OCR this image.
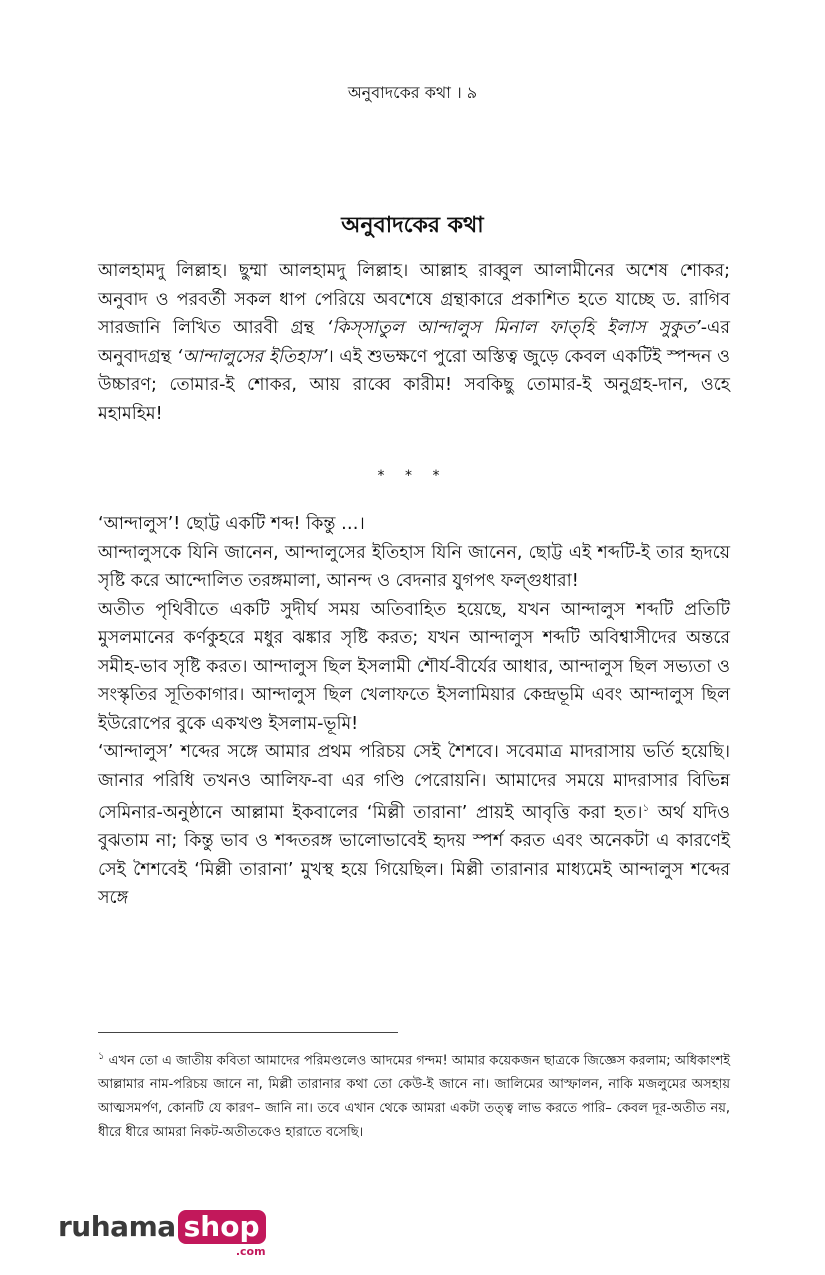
অনুবাদকের কথা । ৯
অনুবাদকের কথা

আলহামদু লিল্লাহ। ছুম্মা আলহামদু লিল্লাহ। আল্লাহ রাব্বুল আলামীনের অশেষ শোকর; অনুবাদ ও পরবর্তী সকল ধাপ পেরিয়ে অবশেষে গ্রন্থাকারে প্রকাশিত হতে যাচ্ছে ড. রাগিব সারজানি লিখিত আরবী গ্রন্থ ‘কিস্‌সাতুল আন্দালুস মিনাল ফাত্‌হি ইলাস সুকুত’-এর অনুবাদগ্রন্থ ‘আন্দালুসের ইতিহাস’। এই শুভক্ষণে পুরো অস্তিত্ব জুড়ে কেবল একটিই স্পন্দন ও উচ্চারণ; তোমার-ই শোকর, আয় রাব্বে কারীম! সবকিছু তোমার-ই অনুগ্রহ-দান, ওহে মহামহিম!

* * *

‘আন্দালুস’! ছোট্ট একটি শব্দ! কিন্তু …।

আন্দালুসকে যিনি জানেন, আন্দালুসের ইতিহাস যিনি জানেন, ছোট্ট এই শব্দটি-ই তার হৃদয়ে সৃষ্টি করে আন্দোলিত তরঙ্গমালা, আনন্দ ও বেদনার যুগপৎ ফল্গুধারা!

অতীত পৃথিবীতে একটি সুদীর্ঘ সময় অতিবাহিত হয়েছে, যখন আন্দালুস শব্দটি প্রতিটি মুসলমানের কর্ণকুহরে মধুর ঝঙ্কার সৃষ্টি করত; যখন আন্দালুস শব্দটি অবিশ্বাসীদের অন্তরে সমীহ-ভাব সৃষ্টি করত। আন্দালুস ছিল ইসলামী শৌর্য-বীর্যের আধার, আন্দালুস ছিল সভ্যতা ও সংস্কৃতির সূতিকাগার। আন্দালুস ছিল খেলাফতে ইসলামিয়ার কেন্দ্রভূমি এবং আন্দালুস ছিল ইউরোপের বুকে একখণ্ড ইসলাম-ভূমি!

‘আন্দালুস’ শব্দের সঙ্গে আমার প্রথম পরিচয় সেই শৈশবে। সবেমাত্র মাদরাসায় ভর্তি হয়েছি। জানার পরিধি তখনও আলিফ-বা এর গণ্ডি পেরোয়নি। আমাদের সময়ে মাদরাসার বিভিন্ন সেমিনার-অনুষ্ঠানে আল্লামা ইকবালের ‘মিল্লী তারানা’ প্রায়ই আবৃত্তি করা হত।$^১$ অর্থ যদিও বুঝতাম না; কিন্তু ভাব ও শব্দতরঙ্গ ভালোভাবেই হৃদয় স্পর্শ করত এবং অনেকটা এ কারণেই সেই শৈশবেই ‘মিল্লী তারানা’ মুখস্থ হয়ে গিয়েছিল। মিল্লী তারানার মাধ্যমেই আন্দালুস শব্দের সঙ্গে

$^১$ এখন তো এ জাতীয় কবিতা আমাদের পরিমণ্ডলেও আদমের গন্দম! আমার কয়েকজন ছাত্রকে জিজ্ঞেস করলাম; অধিকাংশই আল্লামার নাম-পরিচয় জানে না, মিল্লী তারানার কথা তো কেউ-ই জানে না। জালিমের আস্ফালন, নাকি মজলুমের অসহায় আত্মসমর্পণ, কোনটি যে কারণ– জানি না। তবে এখান থেকে আমরা একটা তত্ত্ব লাভ করতে পারি– কেবল দূর-অতীত নয়, ধীরে ধীরে আমরা নিকট-অতীতকেও হারাতে বসেছি।
ruhama shop
.com
